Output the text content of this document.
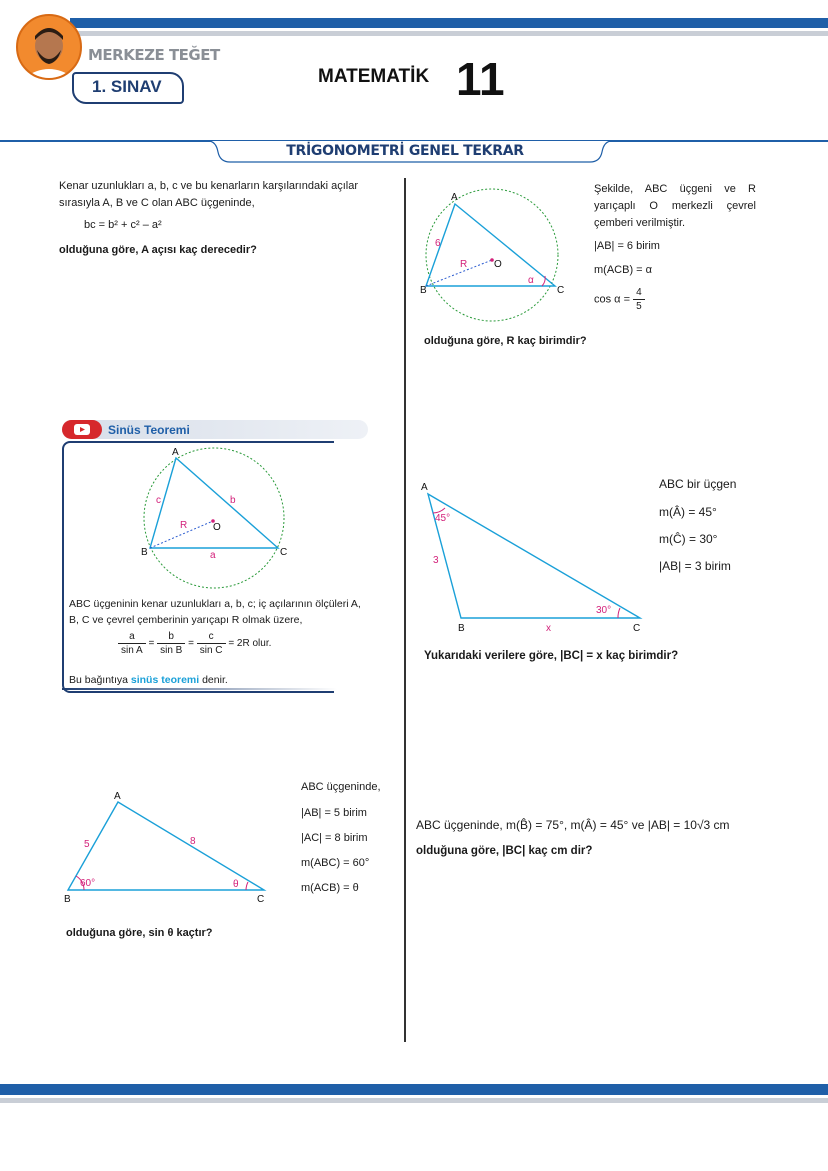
MERKEZE TEĞET
1. SINAV	MATEMATİK 11
TRİGONOMETRİ GENEL TEKRAR
Kenar uzunlukları a, b, c ve bu kenarların karşılarındaki açılar sırasıyla A, B ve C olan ABC üçgeninde,
bc = b² + c² – a²
olduğuna göre, A açısı kaç derecedir?
A
B	C
O
6
R
α
Şekilde, ABC üçgeni ve R yarıçaplı O merkezli çevrel çemberi verilmiştir.
|AB| = 6 birim
m(ACB) = α
$\cos \alpha = \frac{4}{5}$
olduğuna göre, R kaç birimdir?
Sinüs Teoremi
A
B	C
O
a
b
c
R
ABC üçgeninin kenar uzunlukları a, b, c; iç açılarının ölçüleri A, B, C ve çevrel çemberinin yarıçapı R olmak üzere,
$\frac{a}{\text{sin A}} = \frac{b}{\text{sin B}} = \frac{c}{\text{sin C}} = 2R$ olur.
Bu bağıntıya sinüs teoremi denir.
A
B	C
45°
30°
3
x
ABC bir üçgen
m(Â) = 45°
m(Ĉ) = 30°
|AB| = 3 birim
Yukarıdaki verilere göre, |BC| = x kaç birimdir?
A
B	C
5	8
60°	θ
ABC üçgeninde,
|AB| = 5 birim
|AC| = 8 birim
m(ABC) = 60°
m(ACB) = θ
olduğuna göre, sin θ kaçtır?
ABC üçgeninde, m(B̂) = 75°, m(Â) = 45° ve |AB| = 10√3 cm
olduğuna göre, |BC| kaç cm dir?
